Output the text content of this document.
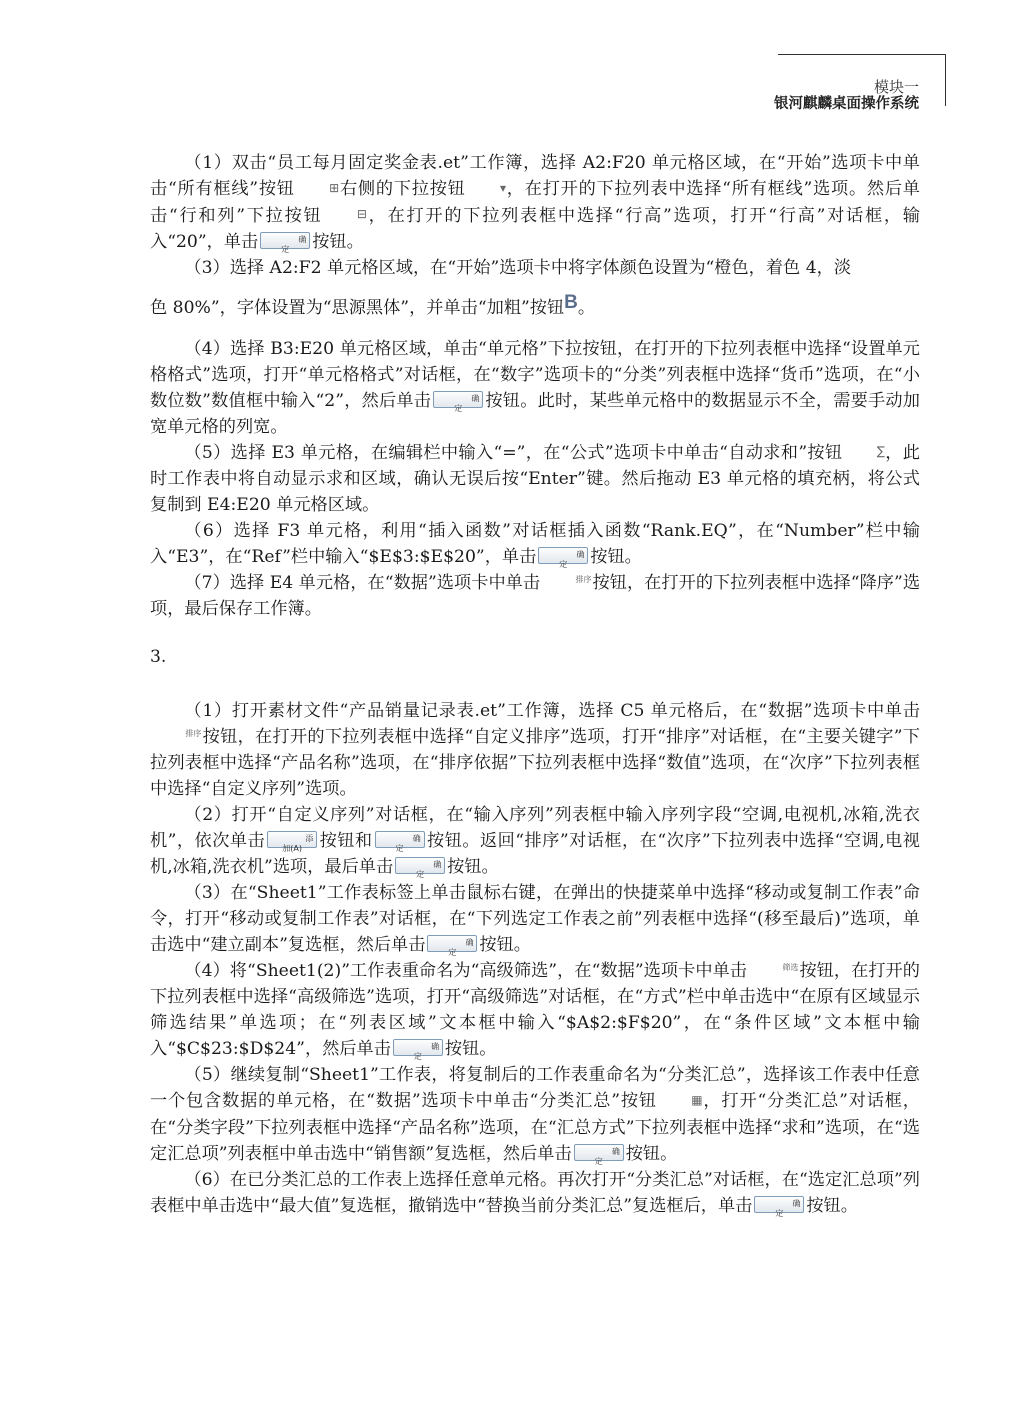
模块一
银河麒麟桌面操作系统

（1）双击“员工每月固定奖金表.et”工作簿，选择 A2:F20 单元格区域，在“开始”选项卡中单击“所有框线”按钮	⊞右侧的下拉按钮	▾，在打开的下拉列表中选择“所有框线”选项。然后单击“行和列”下拉按钮	⊟，在打开的下拉列表框中选择“行高”选项，打开“行高”对话框，输入“20”，单击 确定	按钮。

（3）选择 A2:F2 单元格区域，在“开始”选项卡中将字体颜色设置为“橙色，着色 4，淡

色 80%”，字体设置为“思源黑体”，并单击“加粗”按钮B。

（4）选择 B3:E20 单元格区域，单击“单元格”下拉按钮，在打开的下拉列表框中选择“设置单元格格式”选项，打开“单元格格式”对话框，在“数字”选项卡的“分类”列表框中选择“货币”选项，在“小数位数”数值框中输入“2”，然后单击 确定	按钮。此时，某些单元格中的数据显示不全，需要手动加宽单元格的列宽。

（5）选择 E3 单元格，在编辑栏中输入“=”，在“公式”选项卡中单击“自动求和”按钮	∑，此时工作表中将自动显示求和区域，确认无误后按“Enter”键。然后拖动 E3 单元格的填充柄，将公式复制到 E4:E20 单元格区域。

（6）选择 F3 单元格，利用“插入函数”对话框插入函数“Rank.EQ”，在“Number”栏中输入“E3”，在“Ref”栏中输入“$E$3:$E$20”，单击 确定	按钮。

（7）选择 E4 单元格，在“数据”选项卡中单击	排序按钮，在打开的下拉列表框中选择“降序”选项，最后保存工作簿。

3.

（1）打开素材文件“产品销量记录表.et”工作簿，选择 C5 单元格后，在“数据”选项卡中单击排序按钮，在打开的下拉列表框中选择“自定义排序”选项，打开“排序”对话框，在“主要关键字”下拉列表框中选择“产品名称”选项，在“排序依据”下拉列表框中选择“数值”选项，在“次序”下拉列表框中选择“自定义序列”选项。

（2）打开“自定义序列”对话框，在“输入序列”列表框中输入序列字段“空调,电视机,冰箱,洗衣机”，依次单击 添加(A)	按钮和 确定	按钮。返回“排序”对话框，在“次序”下拉列表中选择“空调,电视机,冰箱,洗衣机”选项，最后单击 确定	按钮。

（3）在“Sheet1”工作表标签上单击鼠标右键，在弹出的快捷菜单中选择“移动或复制工作表”命令，打开“移动或复制工作表”对话框，在“下列选定工作表之前”列表框中选择“(移至最后)”选项，单击选中“建立副本”复选框，然后单击 确定	按钮。

（4）将“Sheet1(2)”工作表重命名为“高级筛选”，在“数据”选项卡中单击	筛选按钮，在打开的下拉列表框中选择“高级筛选”选项，打开“高级筛选”对话框，在“方式”栏中单击选中“在原有区域显示筛选结果”单选项；在“列表区域”文本框中输入“$A$2:$F$20”，在“条件区域”文本框中输入“$C$23:$D$24”，然后单击 确定	按钮。

（5）继续复制“Sheet1”工作表，将复制后的工作表重命名为“分类汇总”，选择该工作表中任意一个包含数据的单元格，在“数据”选项卡中单击“分类汇总”按钮	▦，打开“分类汇总”对话框，在“分类字段”下拉列表框中选择“产品名称”选项，在“汇总方式”下拉列表框中选择“求和”选项，在“选定汇总项”列表框中单击选中“销售额”复选框，然后单击 确定	按钮。

（6）在已分类汇总的工作表上选择任意单元格。再次打开“分类汇总”对话框，在“选定汇总项”列表框中单击选中“最大值”复选框，撤销选中“替换当前分类汇总”复选框后，单击 确定	按钮。
